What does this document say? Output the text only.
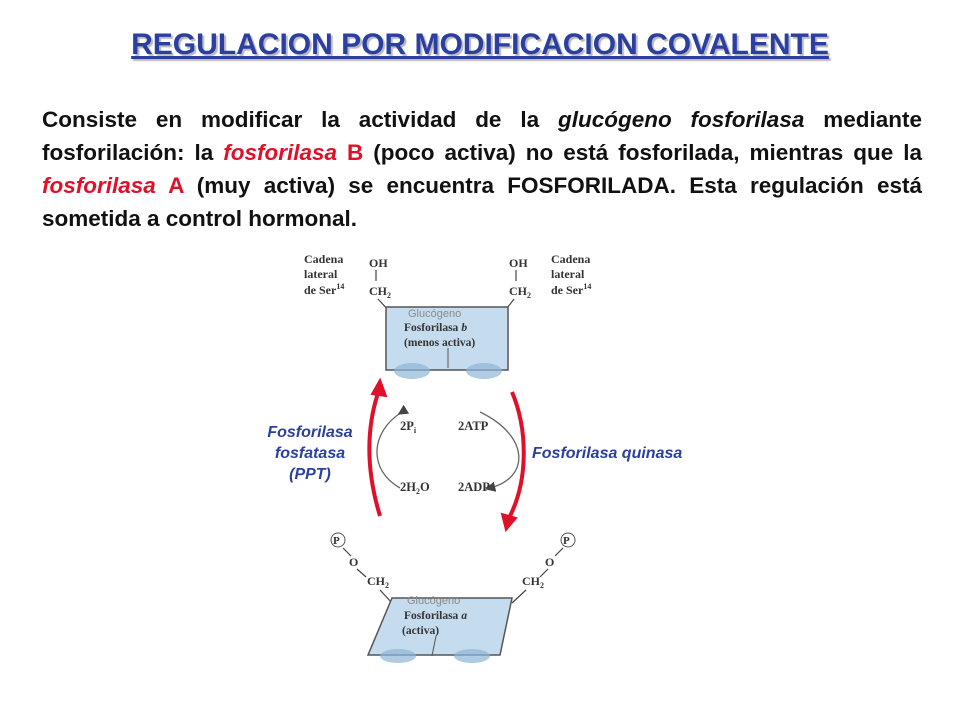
REGULACION POR MODIFICACION COVALENTE
Consiste en modificar la actividad de la glucógeno fosforilasa mediante fosforilación: la fosforilasa B (poco activa) no está fosforilada, mientras que la fosforilasa A (muy activa) se encuentra FOSFORILADA. Esta regulación está sometida a control hormonal.
Cadena
lateral
de Ser$^{14}$
OH
$CH_2$
OH
$CH_2$
Cadena
lateral
de Ser$^{14}$
Glucógeno
Fosforilasa b
(menos activa)
$2P_i$	2ATP
$2H_2O$ 2ADP
P
O
$CH_2$
P
O
$CH_2$
Glucógeno
Fosforilasa a
(activa)
Fosforilasa
fosfatasa
(PPT)
Fosforilasa quinasa
